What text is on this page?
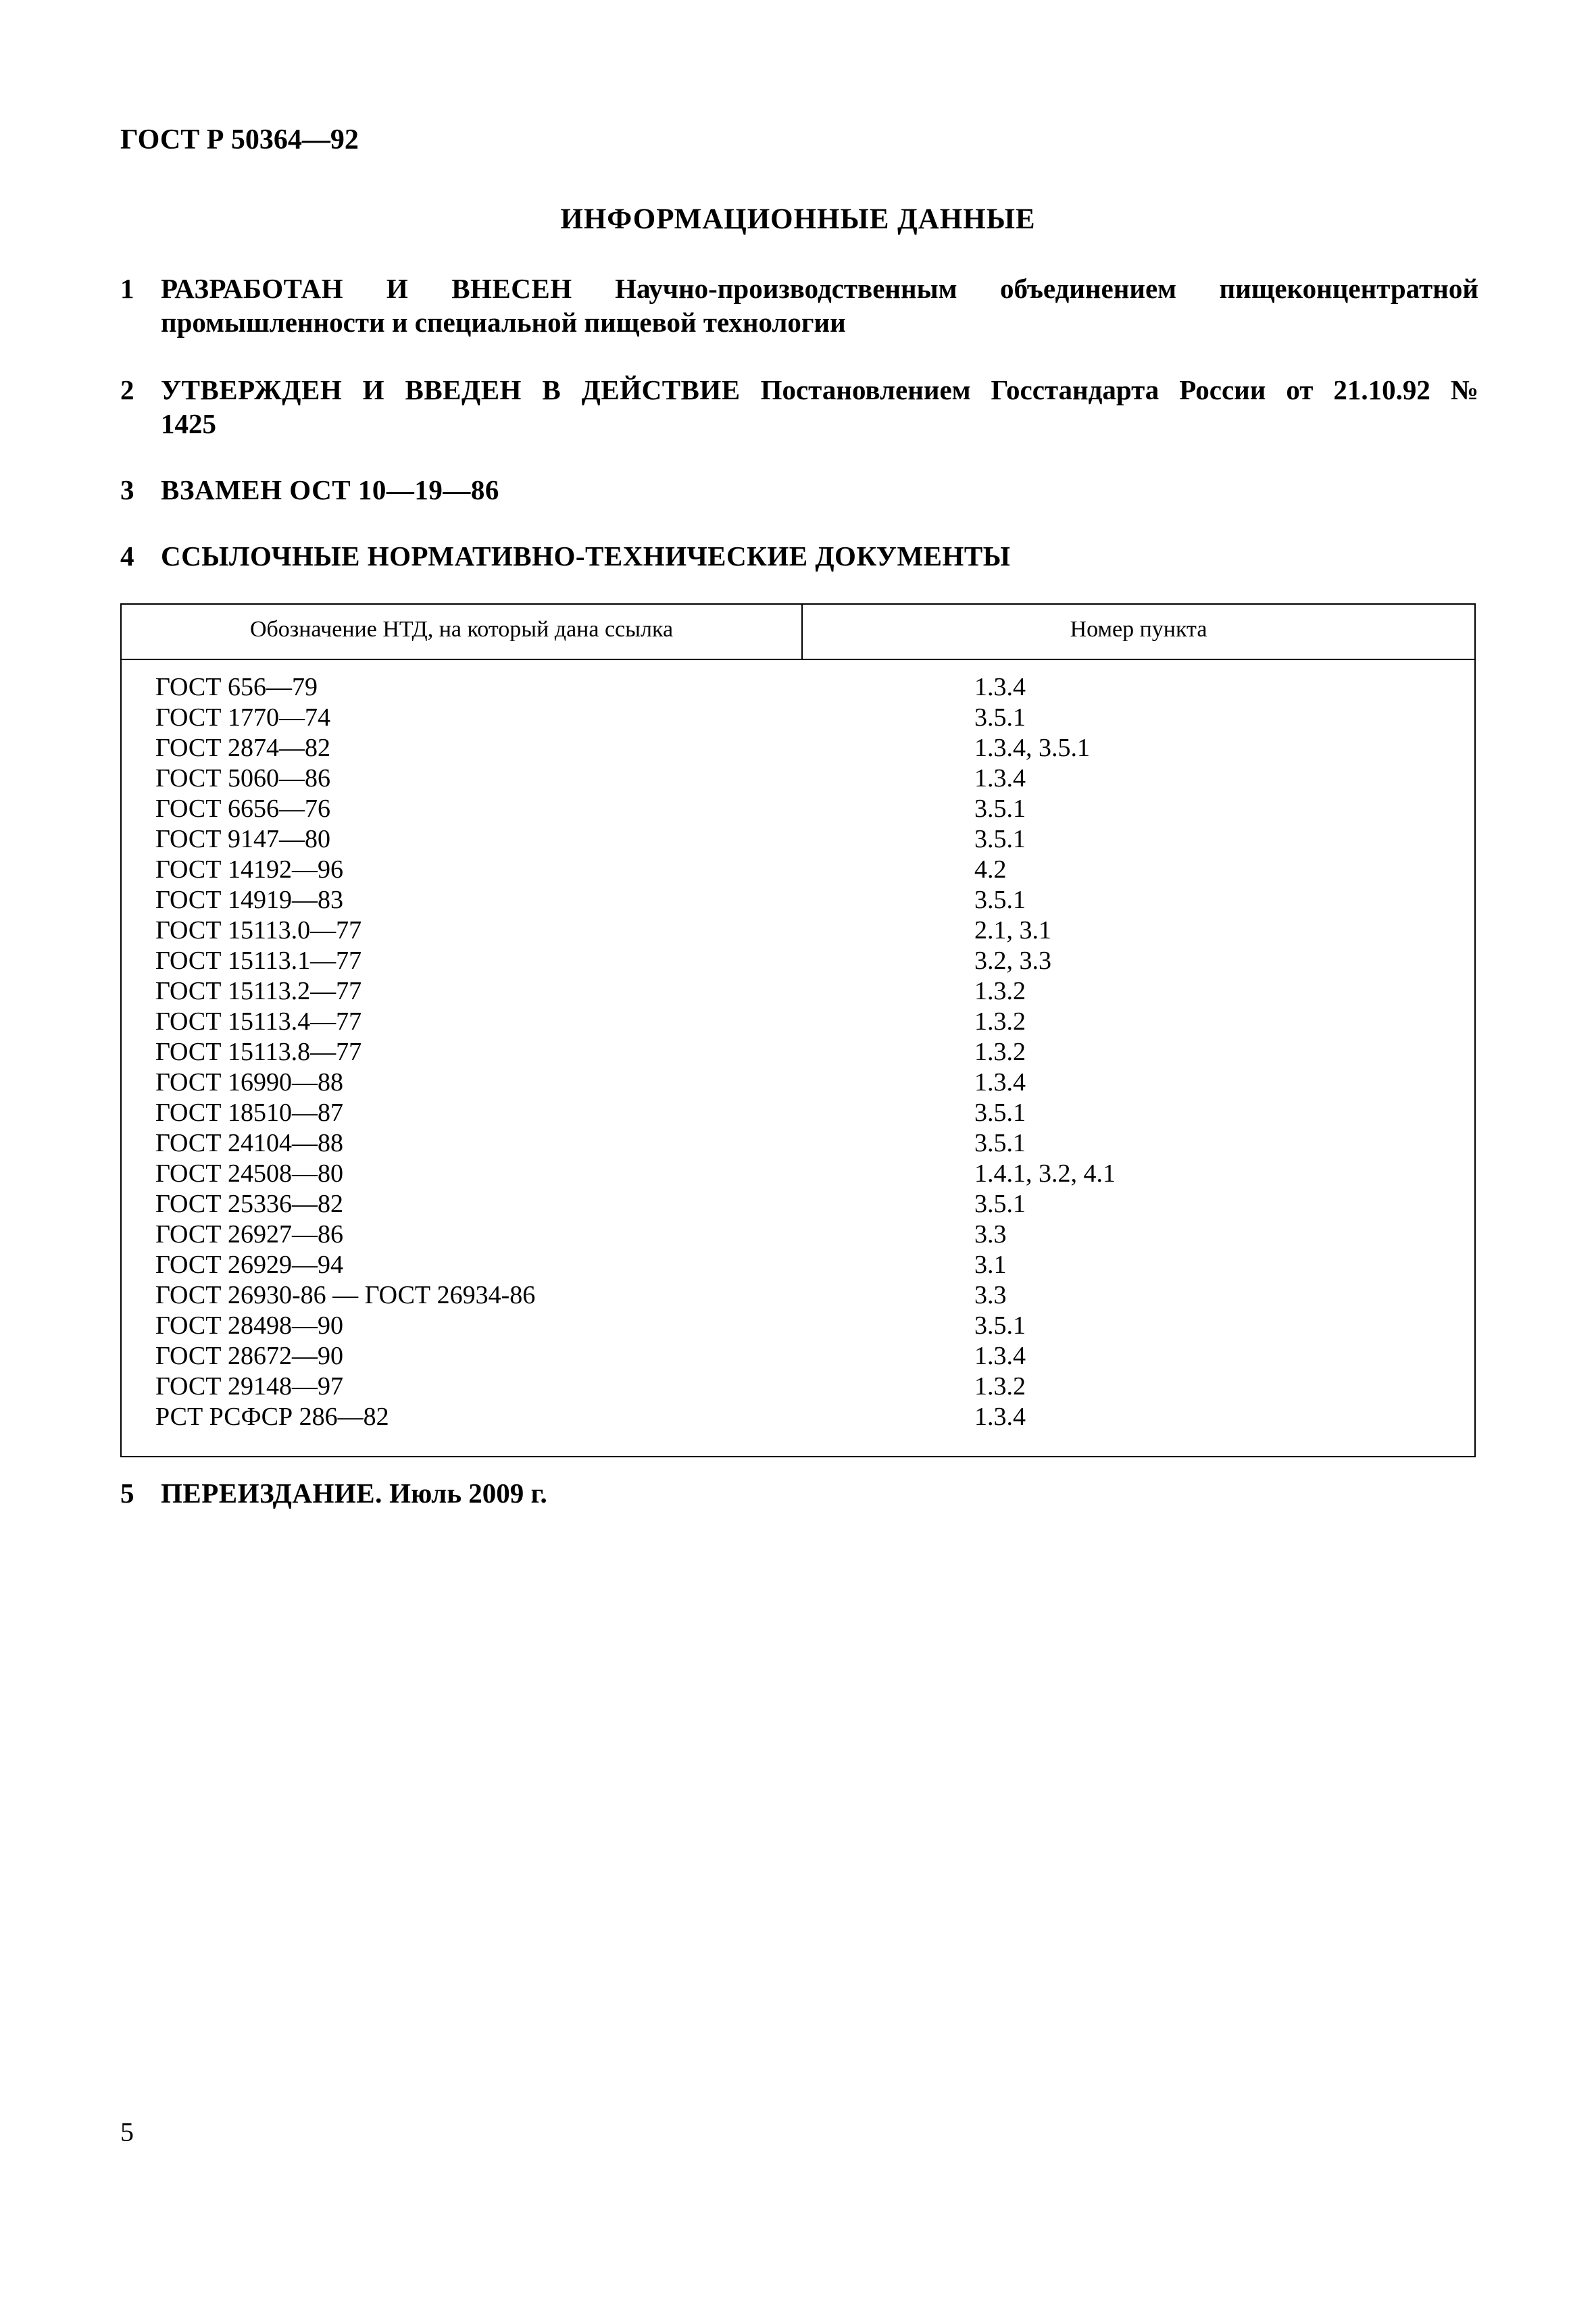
ГОСТ Р 50364—92
ИНФОРМАЦИОННЫЕ ДАННЫЕ
1 РАЗРАБОТАН И ВНЕСЕН Научно-производственным объединением пищеконцентратной промышленности и специальной пищевой технологии
2 УТВЕРЖДЕН И ВВЕДЕН В ДЕЙСТВИЕ Постановлением Госстандарта России от 21.10.92 № 1425
3 ВЗАМЕН ОСТ 10—19—86
4 ССЫЛОЧНЫЕ НОРМАТИВНО-ТЕХНИЧЕСКИЕ ДОКУМЕНТЫ
Обозначение НТД, на который дана ссылка	Номер пункта
ГОСТ 656—79	1.3.4
ГОСТ 1770—74	3.5.1
ГОСТ 2874—82	1.3.4, 3.5.1
ГОСТ 5060—86	1.3.4
ГОСТ 6656—76	3.5.1
ГОСТ 9147—80	3.5.1
ГОСТ 14192—96	4.2
ГОСТ 14919—83	3.5.1
ГОСТ 15113.0—77	2.1, 3.1
ГОСТ 15113.1—77	3.2, 3.3
ГОСТ 15113.2—77	1.3.2
ГОСТ 15113.4—77	1.3.2
ГОСТ 15113.8—77	1.3.2
ГОСТ 16990—88	1.3.4
ГОСТ 18510—87	3.5.1
ГОСТ 24104—88	3.5.1
ГОСТ 24508—80	1.4.1, 3.2, 4.1
ГОСТ 25336—82	3.5.1
ГОСТ 26927—86	3.3
ГОСТ 26929—94	3.1
ГОСТ 26930-86 — ГОСТ 26934-86	3.3
ГОСТ 28498—90	3.5.1
ГОСТ 28672—90	1.3.4
ГОСТ 29148—97	1.3.2
РСТ РСФСР 286—82	1.3.4
5 ПЕРЕИЗДАНИЕ. Июль 2009 г.
5
